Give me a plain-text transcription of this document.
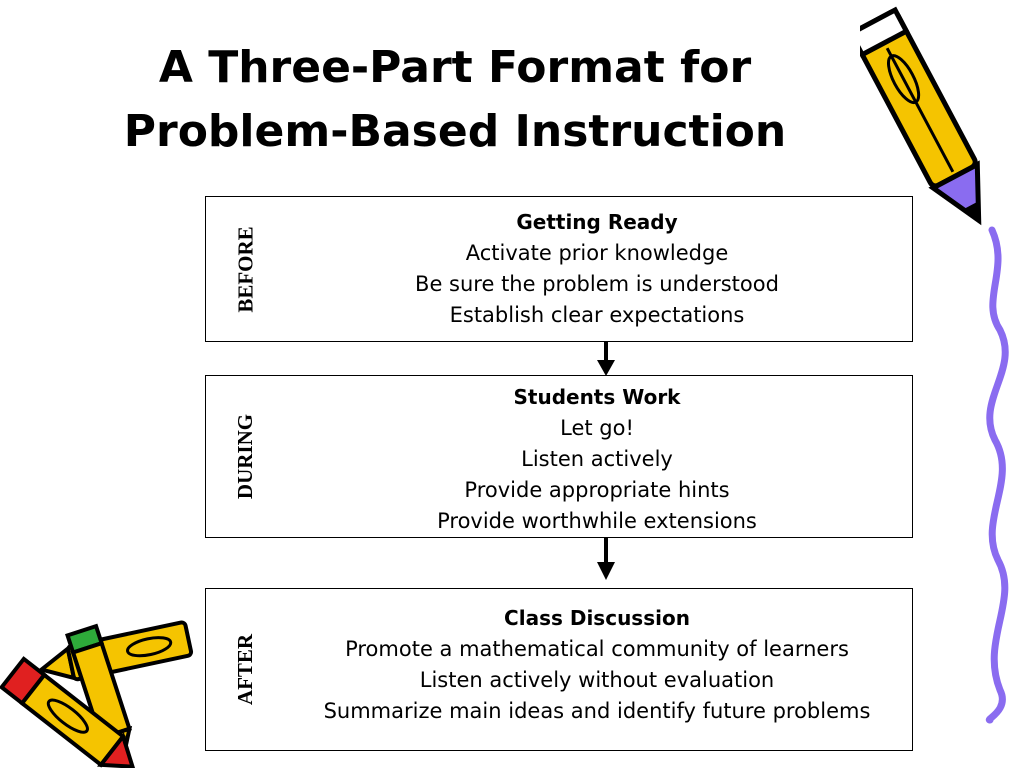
A Three-Part Format for
Problem-Based Instruction
BEFORE
Getting Ready
Activate prior knowledge
Be sure the problem is understood
Establish clear expectations
DURING
Students Work
Let go!
Listen actively
Provide appropriate hints
Provide worthwhile extensions
AFTER
Class Discussion
Promote a mathematical community of learners
Listen actively without evaluation
Summarize main ideas and identify future problems
